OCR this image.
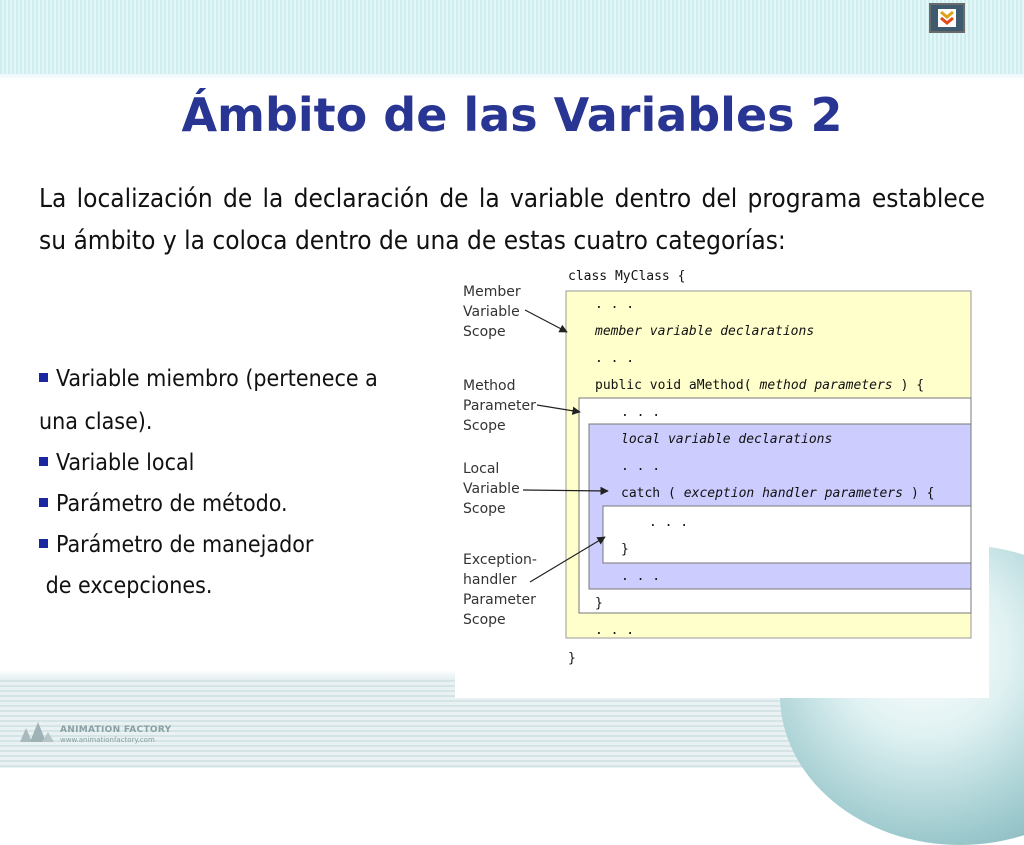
Ámbito de las Variables 2

La localización de la declaración de la variable dentro del programa establece su ámbito y la coloca dentro de una de estas cuatro categorías:

Variable miembro (pertenece a

una clase).

Variable local

Parámetro de método.

Parámetro de manejador

de excepciones.

ANIMATION FACTORY
www.animationfactory.com
Member
Variable
Scope
Method
Parameter
Scope
Local
Variable
Scope
Exception-
handler
Parameter
Scope
class MyClass {
. . .
member variable declarations
. . .
public void aMethod( method parameters ) {
. . .
local variable declarations
. . .
catch ( exception handler parameters ) {
. . .
}
. . .
}
. . .
}
